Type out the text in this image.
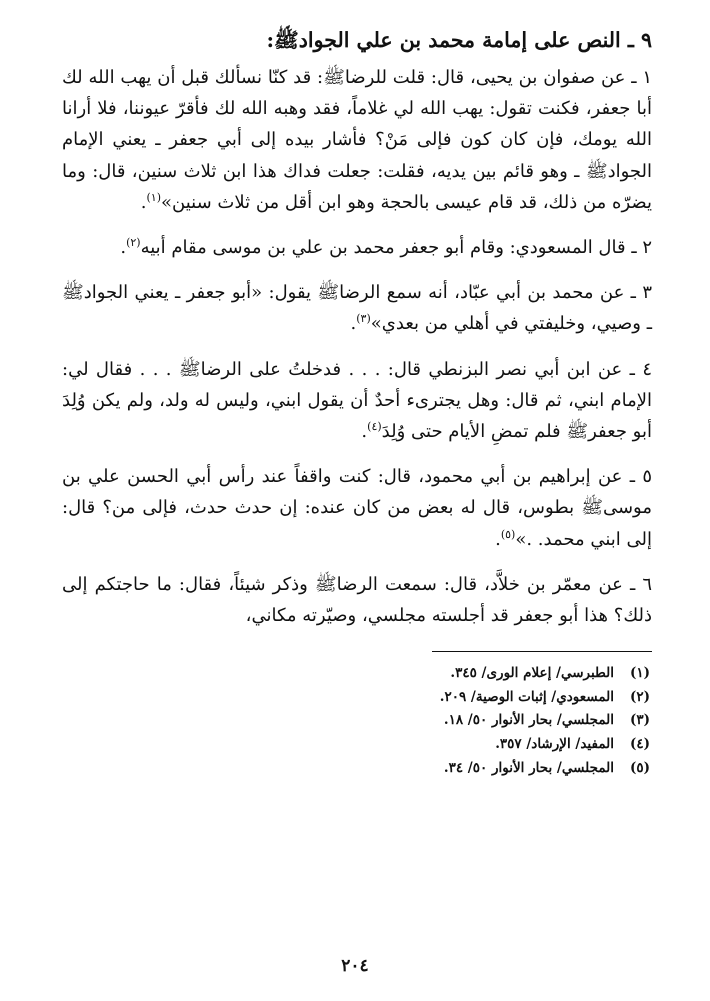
٩ ـ النص على إمامة محمد بن علي الجوادﷺ:

١ ـ عن صفوان بن يحيى، قال: قلت للرضاﷺ: قد كنّا نسألك قبل أن يهب الله لك أبا جعفر، فكنت تقول: يهب الله لي غلاماً، فقد وهبه الله لك فأقرّ عيوننا، فلا أرانا الله يومك، فإن كان كون فإلى مَنْ؟ فأشار بيده إلى أبي جعفر ـ يعني الإمام الجوادﷺ ـ وهو قائم بين يديه، فقلت: جعلت فداك هذا ابن ثلاث سنين، قال: وما يضرّه من ذلك، قد قام عيسى بالحجة وهو ابن أقل من ثلاث سنين»$^{(١)}$.

٢ ـ قال المسعودي: وقام أبو جعفر محمد بن علي بن موسى مقام أبيه$^{(٢)}$.

٣ ـ عن محمد بن أبي عبّاد، أنه سمع الرضاﷺ يقول: «أبو جعفر ـ يعني الجوادﷺ ـ وصيي، وخليفتي في أهلي من بعدي»$^{(٣)}$.

٤ ـ عن ابن أبي نصر البزنطي قال: . . . فدخلتُ على الرضاﷺ . . . فقال لي: الإمام ابني، ثم قال: وهل يجترىء أحدٌ أن يقول ابني، وليس له ولد، ولم يكن وُلِدَ أبو جعفرﷺ فلم تمضِ الأيام حتى وُلِدَ$^{(٤)}$.

٥ ـ عن إبراهيم بن أبي محمود، قال: كنت واقفاً عند رأس أبي الحسن علي بن موسىﷺ بطوس، قال له بعض من كان عنده: إن حدث حدث، فإلى من؟ قال: إلى ابني محمد. .»$^{(٥)}$.

٦ ـ عن معمّر بن خلاَّد، قال: سمعت الرضاﷺ وذكر شيئاً، فقال: ما حاجتكم إلى ذلك؟ هذا أبو جعفر قد أجلسته مجلسي، وصيّرته مكاني،

(١)
الطبرسي/ إعلام الورى/ ٣٤٥.
(٢)
المسعودي/ إثبات الوصية/ ٢٠٩.
(٣)
المجلسي/ بحار الأنوار ٥٠/ ١٨.
(٤)
المفيد/ الإرشاد/ ٣٥٧.
(٥)
المجلسي/ بحار الأنوار ٥٠/ ٣٤.
٢٠٤
